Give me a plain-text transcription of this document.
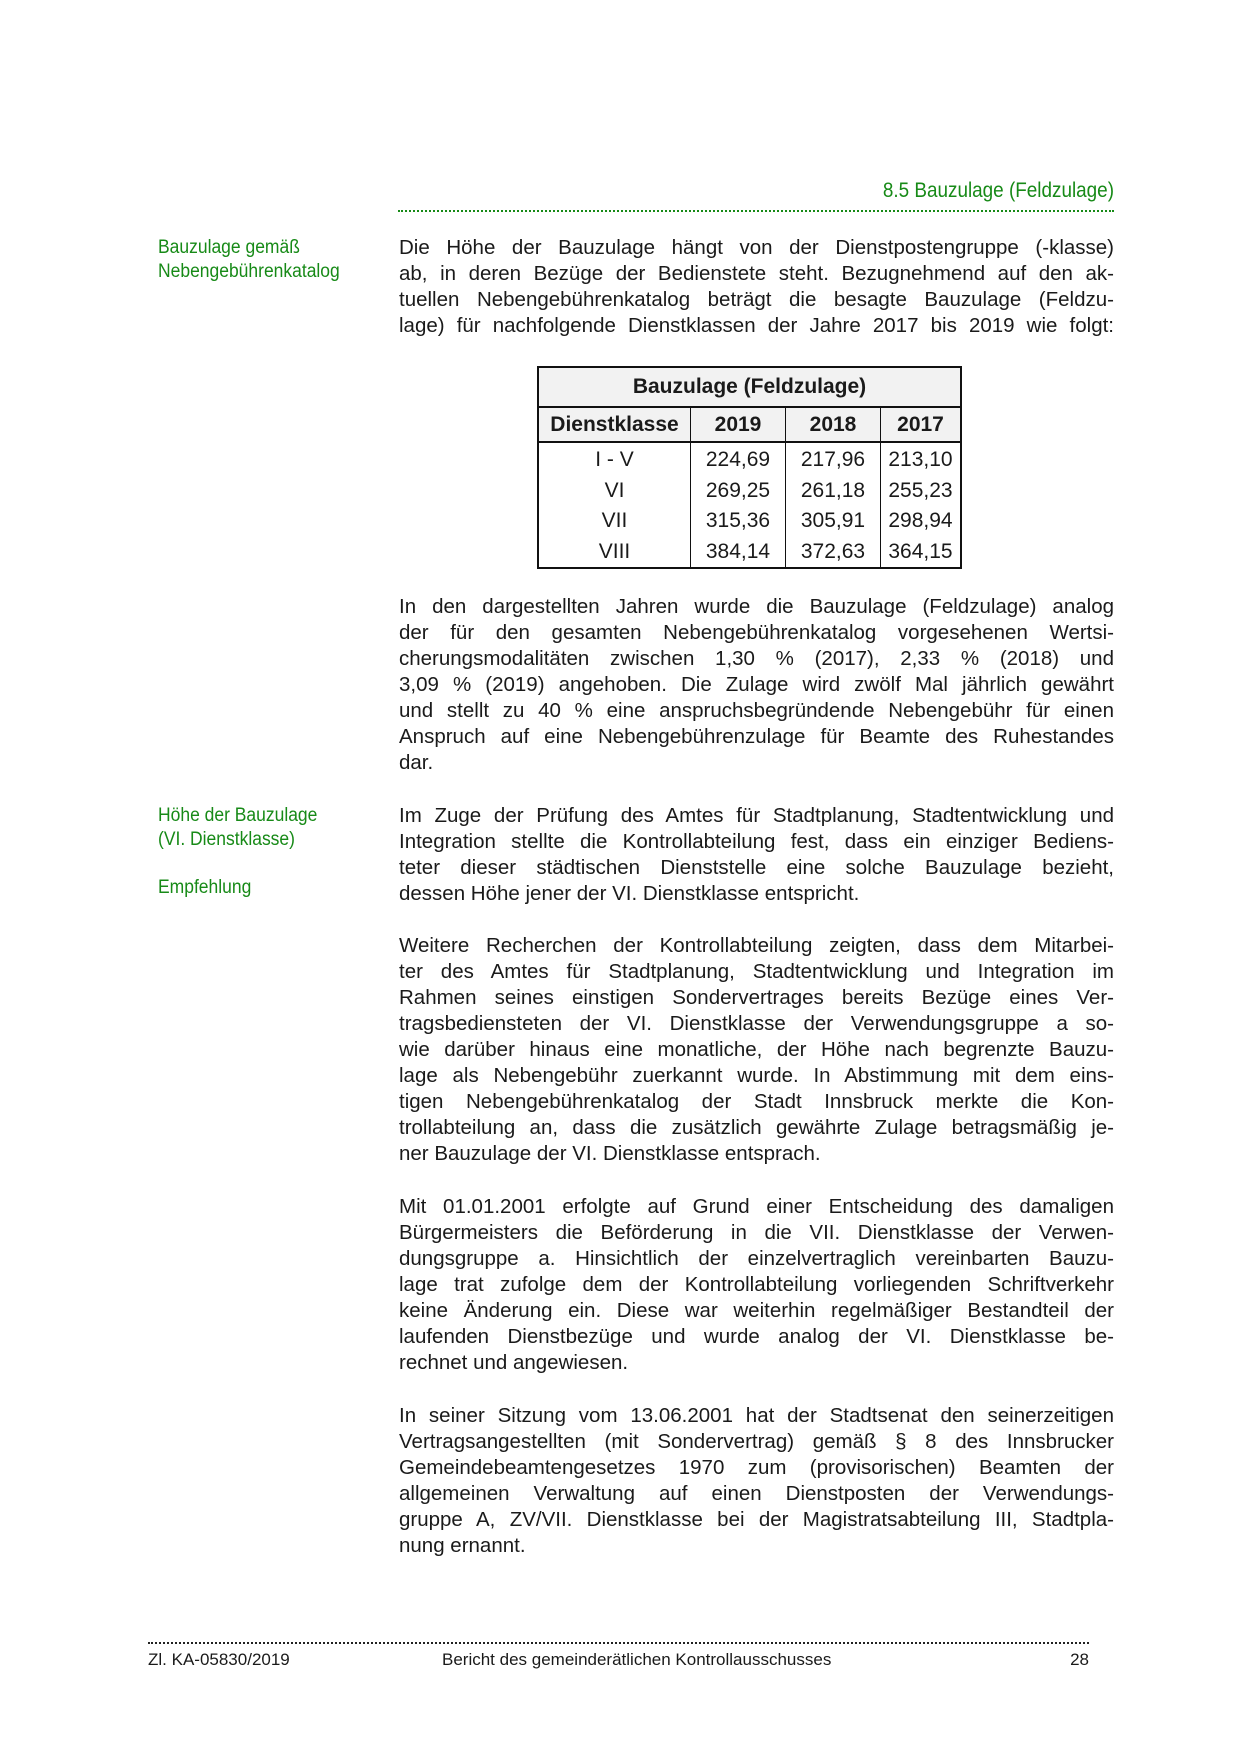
8.5 Bauzulage (Feldzulage)
Bauzulage gemäß
Nebengebührenkatalog
Höhe der Bauzulage
(VI. Dienstklasse)
Empfehlung
Die Höhe der Bauzulage hängt von der Dienstpostengruppe (-klasse)
ab, in deren Bezüge der Bedienstete steht. Bezugnehmend auf den ak-
tuellen Nebengebührenkatalog beträgt die besagte Bauzulage (Feldzu-
lage) für nachfolgende Dienstklassen der Jahre 2017 bis 2019 wie folgt:
Bauzulage (Feldzulage)			
Dienstklasse	2019	2018	2017
I - V	224,69	217,96	213,10
VI	269,25	261,18	255,23
VII	315,36	305,91	298,94
VIII	384,14	372,63	364,15
In den dargestellten Jahren wurde die Bauzulage (Feldzulage) analog
der für den gesamten Nebengebührenkatalog vorgesehenen Wertsi-
cherungsmodalitäten zwischen 1,30 % (2017), 2,33 % (2018) und
3,09 % (2019) angehoben. Die Zulage wird zwölf Mal jährlich gewährt
und stellt zu 40 % eine anspruchsbegründende Nebengebühr für einen
Anspruch auf eine Nebengebührenzulage für Beamte des Ruhestandes
dar.
Im Zuge der Prüfung des Amtes für Stadtplanung, Stadtentwicklung und
Integration stellte die Kontrollabteilung fest, dass ein einziger Bediens-
teter dieser städtischen Dienststelle eine solche Bauzulage bezieht,
dessen Höhe jener der VI. Dienstklasse entspricht.
Weitere Recherchen der Kontrollabteilung zeigten, dass dem Mitarbei-
ter des Amtes für Stadtplanung, Stadtentwicklung und Integration im
Rahmen seines einstigen Sondervertrages bereits Bezüge eines Ver-
tragsbediensteten der VI. Dienstklasse der Verwendungsgruppe a so-
wie darüber hinaus eine monatliche, der Höhe nach begrenzte Bauzu-
lage als Nebengebühr zuerkannt wurde. In Abstimmung mit dem eins-
tigen Nebengebührenkatalog der Stadt Innsbruck merkte die Kon-
trollabteilung an, dass die zusätzlich gewährte Zulage betragsmäßig je-
ner Bauzulage der VI. Dienstklasse entsprach.
Mit 01.01.2001 erfolgte auf Grund einer Entscheidung des damaligen
Bürgermeisters die Beförderung in die VII. Dienstklasse der Verwen-
dungsgruppe a. Hinsichtlich der einzelvertraglich vereinbarten Bauzu-
lage trat zufolge dem der Kontrollabteilung vorliegenden Schriftverkehr
keine Änderung ein. Diese war weiterhin regelmäßiger Bestandteil der
laufenden Dienstbezüge und wurde analog der VI. Dienstklasse be-
rechnet und angewiesen.
In seiner Sitzung vom 13.06.2001 hat der Stadtsenat den seinerzeitigen
Vertragsangestellten (mit Sondervertrag) gemäß § 8 des Innsbrucker
Gemeindebeamtengesetzes 1970 zum (provisorischen) Beamten der
allgemeinen Verwaltung auf einen Dienstposten der Verwendungs-
gruppe A, ZV/VII. Dienstklasse bei der Magistratsabteilung III, Stadtpla-
nung ernannt.
Zl. KA-05830/2019	Bericht des gemeinderätlichen Kontrollausschusses	28
